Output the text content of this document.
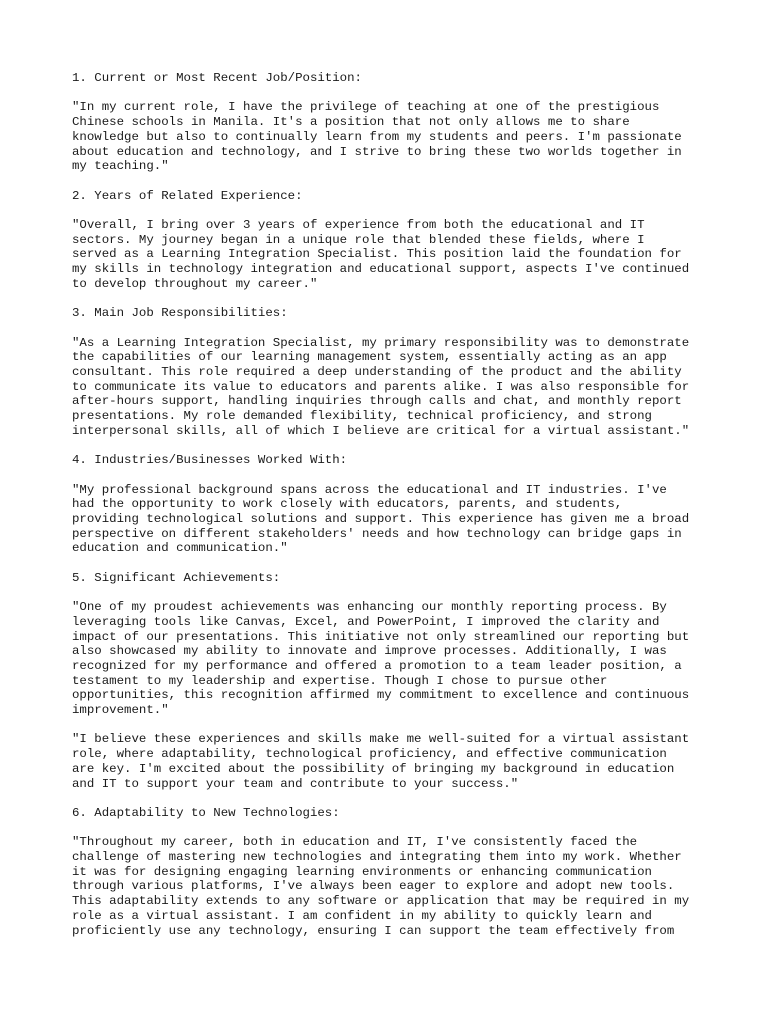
1. Current or Most Recent Job/Position:

"In my current role, I have the privilege of teaching at one of the prestigious
Chinese schools in Manila. It's a position that not only allows me to share
knowledge but also to continually learn from my students and peers. I'm passionate
about education and technology, and I strive to bring these two worlds together in
my teaching."

2. Years of Related Experience:

"Overall, I bring over 3 years of experience from both the educational and IT
sectors. My journey began in a unique role that blended these fields, where I
served as a Learning Integration Specialist. This position laid the foundation for
my skills in technology integration and educational support, aspects I've continued
to develop throughout my career."

3. Main Job Responsibilities:

"As a Learning Integration Specialist, my primary responsibility was to demonstrate
the capabilities of our learning management system, essentially acting as an app
consultant. This role required a deep understanding of the product and the ability
to communicate its value to educators and parents alike. I was also responsible for
after-hours support, handling inquiries through calls and chat, and monthly report
presentations. My role demanded flexibility, technical proficiency, and strong
interpersonal skills, all of which I believe are critical for a virtual assistant."

4. Industries/Businesses Worked With:

"My professional background spans across the educational and IT industries. I've
had the opportunity to work closely with educators, parents, and students,
providing technological solutions and support. This experience has given me a broad
perspective on different stakeholders' needs and how technology can bridge gaps in
education and communication."

5. Significant Achievements:

"One of my proudest achievements was enhancing our monthly reporting process. By
leveraging tools like Canvas, Excel, and PowerPoint, I improved the clarity and
impact of our presentations. This initiative not only streamlined our reporting but
also showcased my ability to innovate and improve processes. Additionally, I was
recognized for my performance and offered a promotion to a team leader position, a
testament to my leadership and expertise. Though I chose to pursue other
opportunities, this recognition affirmed my commitment to excellence and continuous
improvement."

"I believe these experiences and skills make me well-suited for a virtual assistant
role, where adaptability, technological proficiency, and effective communication
are key. I'm excited about the possibility of bringing my background in education
and IT to support your team and contribute to your success."

6. Adaptability to New Technologies:

"Throughout my career, both in education and IT, I've consistently faced the
challenge of mastering new technologies and integrating them into my work. Whether
it was for designing engaging learning environments or enhancing communication
through various platforms, I've always been eager to explore and adopt new tools.
This adaptability extends to any software or application that may be required in my
role as a virtual assistant. I am confident in my ability to quickly learn and
proficiently use any technology, ensuring I can support the team effectively from
